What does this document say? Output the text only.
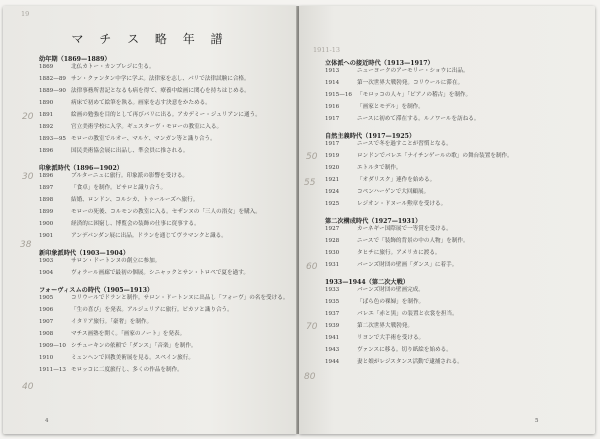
19
マ チ ス 略 年 譜
幼年期（1869—1889）
1869	北仏カトー・カンブレジに生る。
1882—89 サン・クァンタン中学に学ぶ。法律家を志し、パリで法律試験に合格。
1889—90 法律事務所書記となるも病を得て、療養中絵画に関心を持ちはじめる。
1890	病床で初めて絵筆を執る。画家を志す決意をかためる。
1891	絵画の勉強を目的として再びパリに出る。アカデミー・ジュリアンに通う。
1892	官立美術学校に入学。ギュスターヴ・モローの教室に入る。
1893—95 モローの教室でルオー、マルケ、マンガン等と識り合う。
1896	国民美術協会展に出品し、準会員に推される。
印象派時代（1896—1902）
1896	ブルターニュに旅行。印象派の影響を受ける。
1897	「食卓」を制作。ピサロと識り合う。
1898	結婚、ロンドン、コルシカ、トゥールーズへ旅行。
1899	モローの死後、コルモンの教室に入る。セザンヌの「三人の浴女」を購入。
1900	経済的に困窮し、博覧会の装飾の仕事に従事する。
1901	アンデパンダン展に出品。ドランを通じてヴラマンクと識る。
新印象派時代（1903—1904）
1903	サロン・ドートンヌの創立に参加。
1904	ヴォラール画廊で最初の個展。シニャックとサン・トロペで夏を過す。
フォーヴィスムの時代（1905—1913）
1905	コリウールでドランと制作。サロン・ドートンヌに出品し「フォーヴ」の名を受ける。
1906	「生の喜び」を発表。アルジェリアに旅行。ピカソと識り合う。
1907	イタリア旅行。「豪奢」を制作。
1908	マチス画塾を開く。「画家のノート」を発表。
1909—10 シチューキンの依頼で「ダンス」「音楽」を制作。
1910	ミュンヘンで回教美術展を見る。スペイン旅行。
1911—13 モロッコに二度旅行し、多くの作品を制作。
4
1911-13
立体派への接近時代（1913—1917）
1913	ニューヨークのアーモリー・ショウに出品。
1914	第一次世界大戦勃発。コリウールに滞在。
1915—16 「モロッコの人々」「ピアノの稽古」を制作。
1916	「画家とモデル」を制作。
1917	ニースに初めて滞在する。ルノワールを訪ねる。
自然主義時代（1917—1925）
1917	ニースで冬を過すことが習慣となる。
1919	ロンドンでバレエ「ナイチンゲールの歌」の舞台装置を制作。
1920	エトルタで制作。
1921	「オダリスク」連作を始める。
1924	コペンハーゲンで大回顧展。
1925	レジオン・ドヌール勲章を受ける。
第二次構成時代（1927—1931）
1927	カーネギー国際展で一等賞を受ける。
1928	ニースで「装飾的背景の中の人物」を制作。
1930	タヒチに旅行。アメリカに渡る。
1931	バーンズ財団の壁画「ダンス」に着手。
1933—1944（第二次大戦）
1933	バーンズ財団の壁画完成。
1935	「ばら色の裸婦」を制作。
1937	バレエ「赤と黒」の装置と衣裳を担当。
1939	第二次世界大戦勃発。
1941	リヨンで大手術を受ける。
1943	ヴァンスに移る。切り紙絵を始める。
1944	妻と娘がレジスタンス活動で逮捕される。
5
20
30
38
40
50
55
60
70
80
